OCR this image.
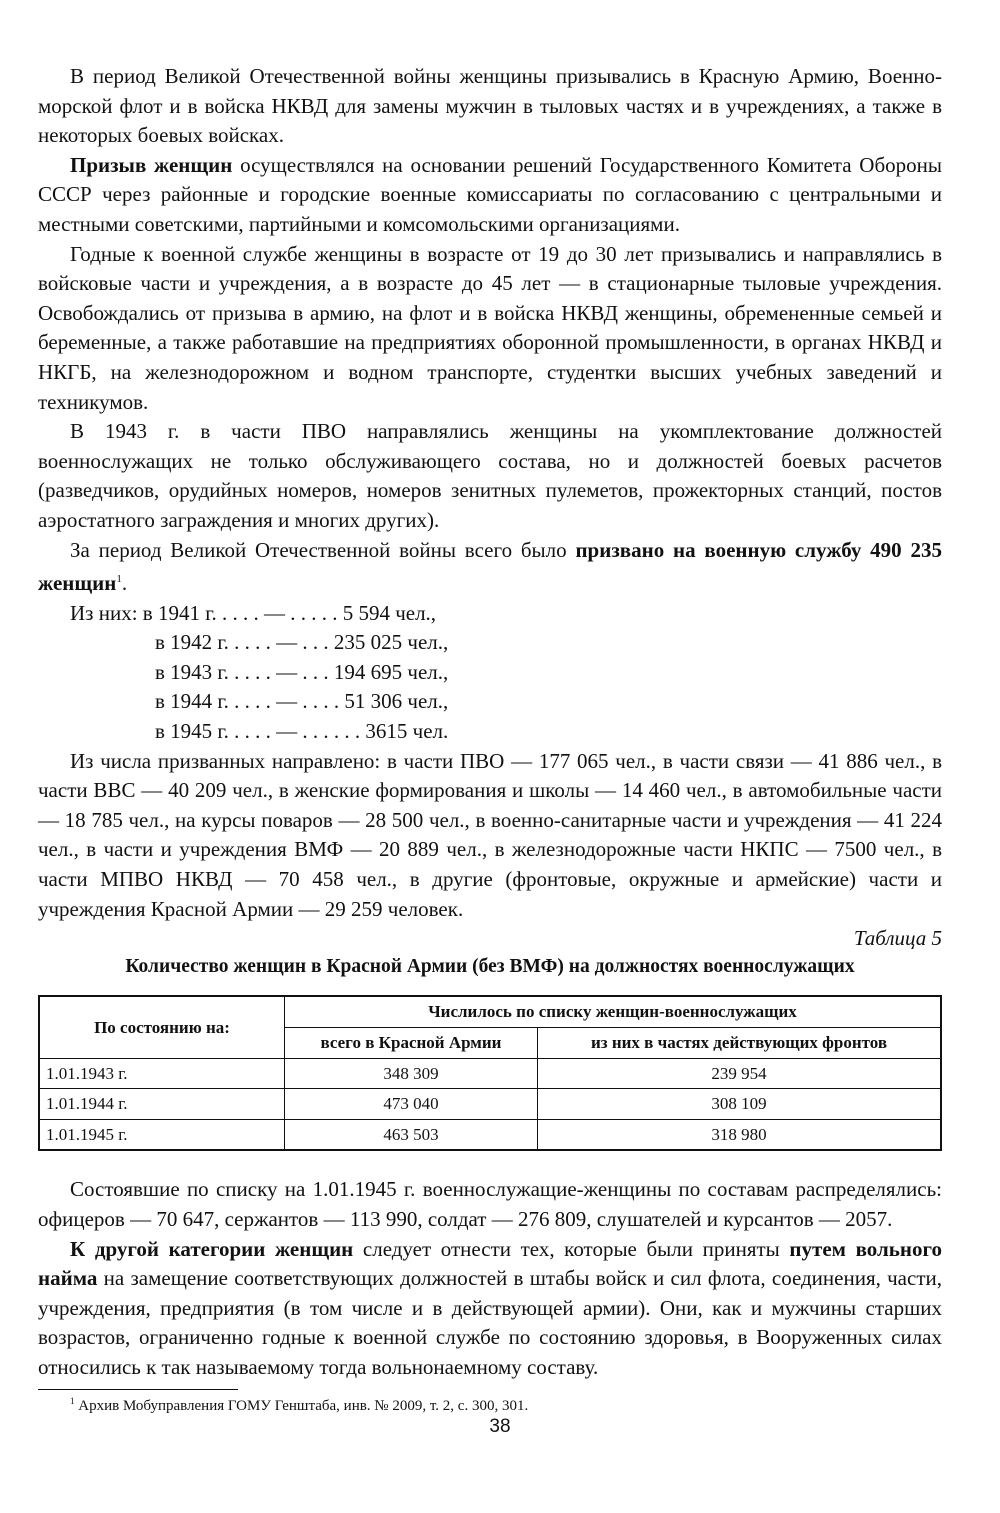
В период Великой Отечественной войны женщины призывались в Красную Армию, Военно-морской флот и в войска НКВД для замены мужчин в тыловых частях и в учреждениях, а также в некоторых боевых войсках.

Призыв женщин осуществлялся на основании решений Государственного Комитета Обороны СССР через районные и городские военные комиссариаты по согласованию с центральными и местными советскими, партийными и комсомольскими организациями.

Годные к военной службе женщины в возрасте от 19 до 30 лет призывались и направлялись в войсковые части и учреждения, а в возрасте до 45 лет — в стационарные тыловые учреждения. Освобождались от призыва в армию, на флот и в войска НКВД женщины, обремененные семьей и беременные, а также работавшие на предприятиях оборонной промышленности, в органах НКВД и НКГБ, на железнодорожном и водном транспорте, студентки высших учебных заведений и техникумов.

В 1943 г. в части ПВО направлялись женщины на укомплектование должностей военнослужащих не только обслуживающего состава, но и должностей боевых расчетов (разведчиков, орудийных номеров, номеров зенитных пулеметов, прожекторных станций, постов аэростатного заграждения и многих других).

За период Великой Отечественной войны всего было призвано на военную службу 490 235 женщин$^1$.

Из них: в 1941 г. . . . . — . . . . . 5 594 чел.,
в 1942 г. . . . . — . . . 235 025 чел.,
в 1943 г. . . . . — . . . 194 695 чел.,
в 1944 г. . . . . — . . . . 51 306 чел.,
в 1945 г. . . . . — . . . . . . 3615 чел.

Из числа призванных направлено: в части ПВО — 177 065 чел., в части связи — 41 886 чел., в части ВВС — 40 209 чел., в женские формирования и школы — 14 460 чел., в автомобильные части — 18 785 чел., на курсы поваров — 28 500 чел., в военно-санитарные части и учреждения — 41 224 чел., в части и учреждения ВМФ — 20 889 чел., в железнодорожные части НКПС — 7500 чел., в части МПВО НКВД — 70 458 чел., в другие (фронтовые, окружные и армейские) части и учреждения Красной Армии — 29 259 человек.

Таблица 5

Количество женщин в Красной Армии (без ВМФ) на должностях военнослужащих

По состоянию на:	Числилось по списку женщин-военнослужащих	
	всего в Красной Армии	из них в частях действующих фронтов
1.01.1943 г.	348 309	239 954
1.01.1944 г.	473 040	308 109
1.01.1945 г.	463 503	318 980

Состоявшие по списку на 1.01.1945 г. военнослужащие-женщины по составам распределялись: офицеров — 70 647, сержантов — 113 990, солдат — 276 809, слушателей и курсантов — 2057.

К другой категории женщин следует отнести тех, которые были приняты путем вольного найма на замещение соответствующих должностей в штабы войск и сил флота, соединения, части, учреждения, предприятия (в том числе и в действующей армии). Они, как и мужчины старших возрастов, ограниченно годные к военной службе по состоянию здоровья, в Вооруженных силах относились к так называемому тогда вольнонаемному составу.

$^1$ Архив Мобуправления ГОМУ Генштаба, инв. № 2009, т. 2, с. 300, 301.

38
